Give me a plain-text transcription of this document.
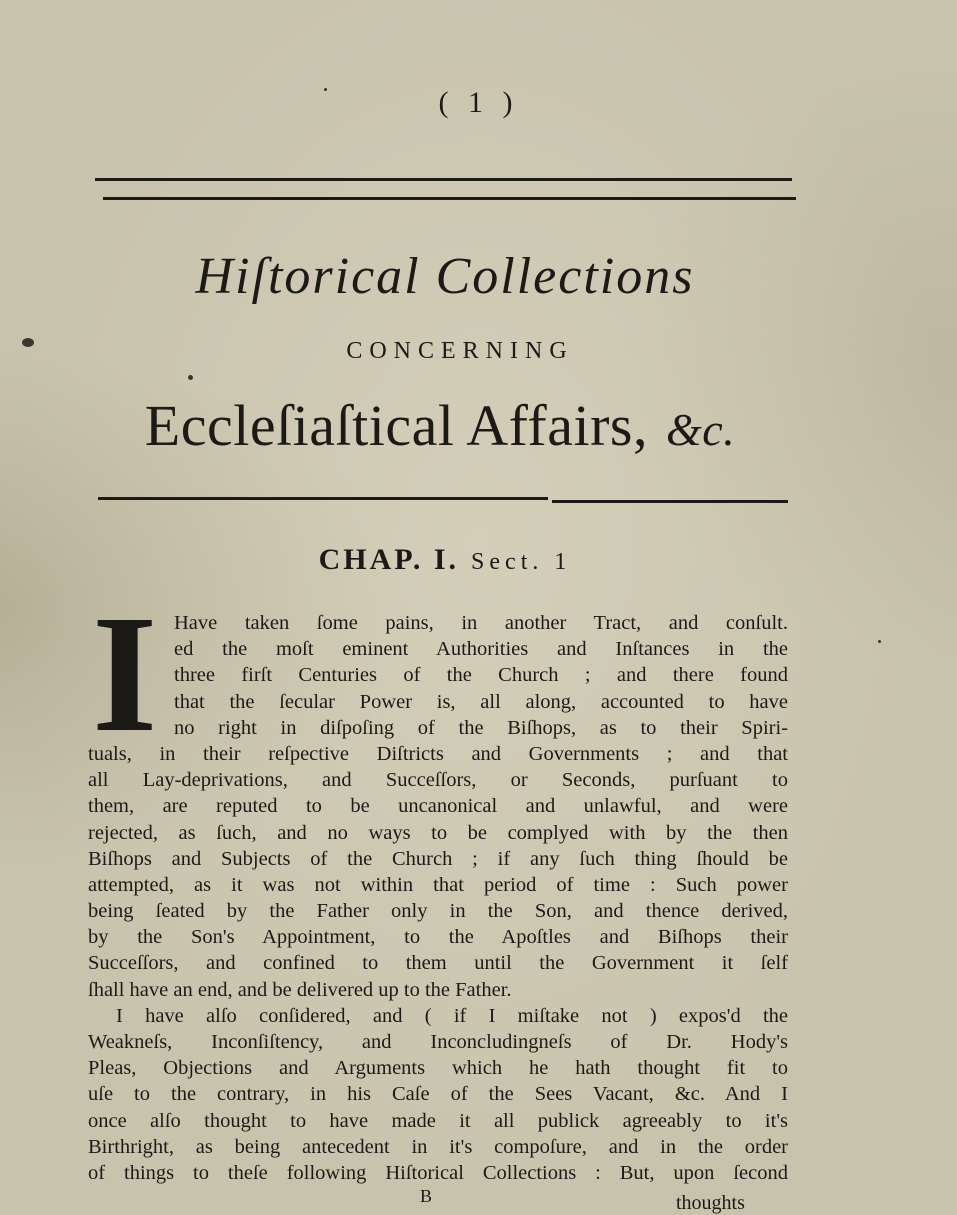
( 1 )
Hiſtorical Collections
CONCERNING
Eccleſiaſtical Affairs, &c.
CHAP. I. Sect. 1
I Have taken ſome pains, in another Tract, and conſult.
ed the moſt eminent Authorities and Inſtances in the
three firſt Centuries of the Church ; and there found
that the ſecular Power is, all along, accounted to have
no right in diſpoſing of the Biſhops, as to their Spiri-
tuals, in their reſpective Diſtricts and Governments ; and that
all Lay-deprivations, and Succeſſors, or Seconds, purſuant to
them, are reputed to be uncanonical and unlawful, and were
rejected, as ſuch, and no ways to be complyed with by the then
Biſhops and Subjects of the Church ; if any ſuch thing ſhould be
attempted, as it was not within that period of time : Such power
being ſeated by the Father only in the Son, and thence derived,
by the Son's Appointment, to the Apoſtles and Biſhops their
Succeſſors, and confined to them until the Government it ſelf
ſhall have an end, and be delivered up to the Father.
I have alſo conſidered, and ( if I miſtake not ) expos'd the
Weakneſs, Inconſiſtency, and Inconcludingneſs of Dr. Hody's
Pleas, Objections and Arguments which he hath thought fit to
uſe to the contrary, in his Caſe of the Sees Vacant, &c. And I
once alſo thought to have made it all publick agreeably to it's
Birthright, as being antecedent in it's compoſure, and in the order
of things to theſe following Hiſtorical Collections : But, upon ſecond
B	thoughts
